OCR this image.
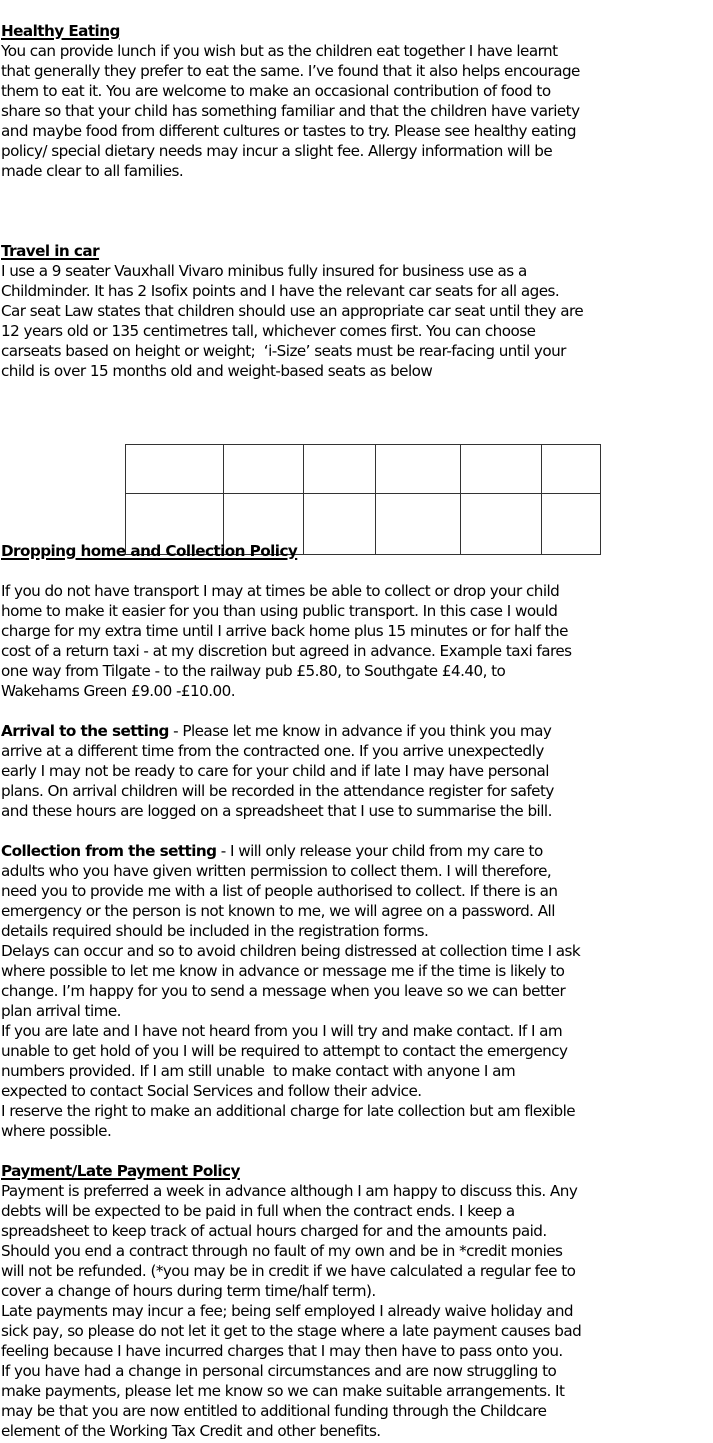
Healthy Eating
You can provide lunch if you wish but as the children eat together I have learnt
that generally they prefer to eat the same. I’ve found that it also helps encourage
them to eat it. You are welcome to make an occasional contribution of food to
share so that your child has something familiar and that the children have variety
and maybe food from different cultures or tastes to try. Please see healthy eating
policy/ special dietary needs may incur a slight fee. Allergy information will be
made clear to all families.
Travel in car
I use a 9 seater Vauxhall Vivaro minibus fully insured for business use as a
Childminder. It has 2 Isofix points and I have the relevant car seats for all ages.
Car seat Law states that children should use an appropriate car seat until they are
12 years old or 135 centimetres tall, whichever comes first. You can choose
carseats based on height or weight;  ‘i-Size’ seats must be rear-facing until your
child is over 15 months old and weight-based seats as below

Dropping home and Collection Policy
If you do not have transport I may at times be able to collect or drop your child
home to make it easier for you than using public transport. In this case I would
charge for my extra time until I arrive back home plus 15 minutes or for half the
cost of a return taxi - at my discretion but agreed in advance. Example taxi fares
one way from Tilgate - to the railway pub £5.80, to Southgate £4.40, to
Wakehams Green £9.00 -£10.00.
Arrival to the setting - Please let me know in advance if you think you may
arrive at a different time from the contracted one. If you arrive unexpectedly
early I may not be ready to care for your child and if late I may have personal
plans. On arrival children will be recorded in the attendance register for safety
and these hours are logged on a spreadsheet that I use to summarise the bill.
Collection from the setting - I will only release your child from my care to
adults who you have given written permission to collect them. I will therefore,
need you to provide me with a list of people authorised to collect. If there is an
emergency or the person is not known to me, we will agree on a password. All
details required should be included in the registration forms.
Delays can occur and so to avoid children being distressed at collection time I ask
where possible to let me know in advance or message me if the time is likely to
change. I’m happy for you to send a message when you leave so we can better
plan arrival time.
If you are late and I have not heard from you I will try and make contact. If I am
unable to get hold of you I will be required to attempt to contact the emergency
numbers provided. If I am still unable  to make contact with anyone I am
expected to contact Social Services and follow their advice.
I reserve the right to make an additional charge for late collection but am flexible
where possible.
Payment/Late Payment Policy
Payment is preferred a week in advance although I am happy to discuss this. Any
debts will be expected to be paid in full when the contract ends. I keep a
spreadsheet to keep track of actual hours charged for and the amounts paid.
Should you end a contract through no fault of my own and be in *credit monies
will not be refunded. (*you may be in credit if we have calculated a regular fee to
cover a change of hours during term time/half term).
Late payments may incur a fee; being self employed I already waive holiday and
sick pay, so please do not let it get to the stage where a late payment causes bad
feeling because I have incurred charges that I may then have to pass onto you.
If you have had a change in personal circumstances and are now struggling to
make payments, please let me know so we can make suitable arrangements. It
may be that you are now entitled to additional funding through the Childcare
element of the Working Tax Credit and other benefits.
